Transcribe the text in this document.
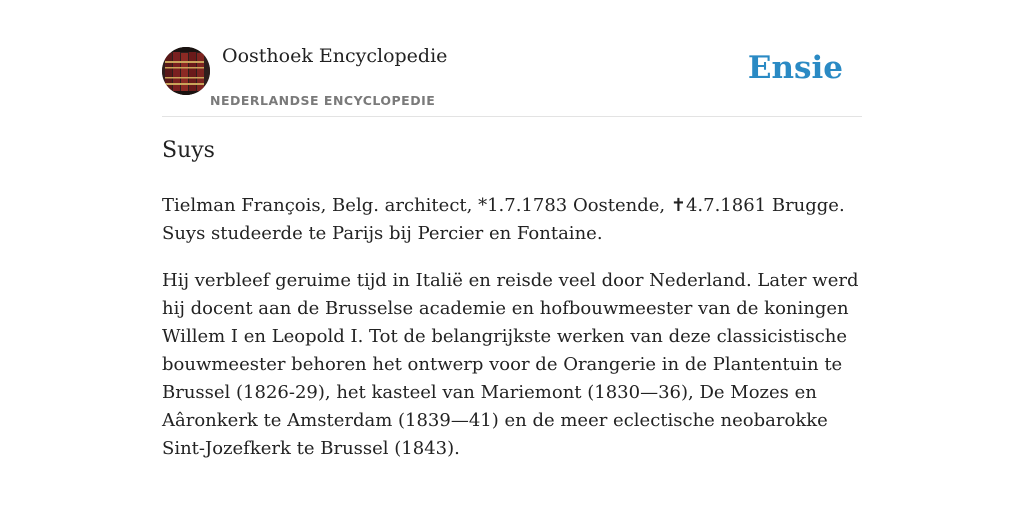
Oosthoek Encyclopedie
NEDERLANDSE ENCYCLOPEDIE
Ensie
Suys

Tielman François, Belg. architect, *1.7.1783 Oostende, ✝4.7.1861 Brugge. Suys studeerde te Parijs bij Percier en Fontaine.

Hij verbleef geruime tijd in Italië en reisde veel door Nederland. Later werd hij docent aan de Brusselse academie en hofbouwmeester van de koningen Willem I en Leopold I. Tot de belangrijkste werken van deze classicistische bouwmeester behoren het ontwerp voor de Orangerie in de Plantentuin te Brussel (1826-29), het kasteel van Mariemont (1830—36), De Mozes en Aâronkerk te Amsterdam (1839—41) en de meer eclectische neobarokke Sint-Jozefkerk te Brussel (1843).
